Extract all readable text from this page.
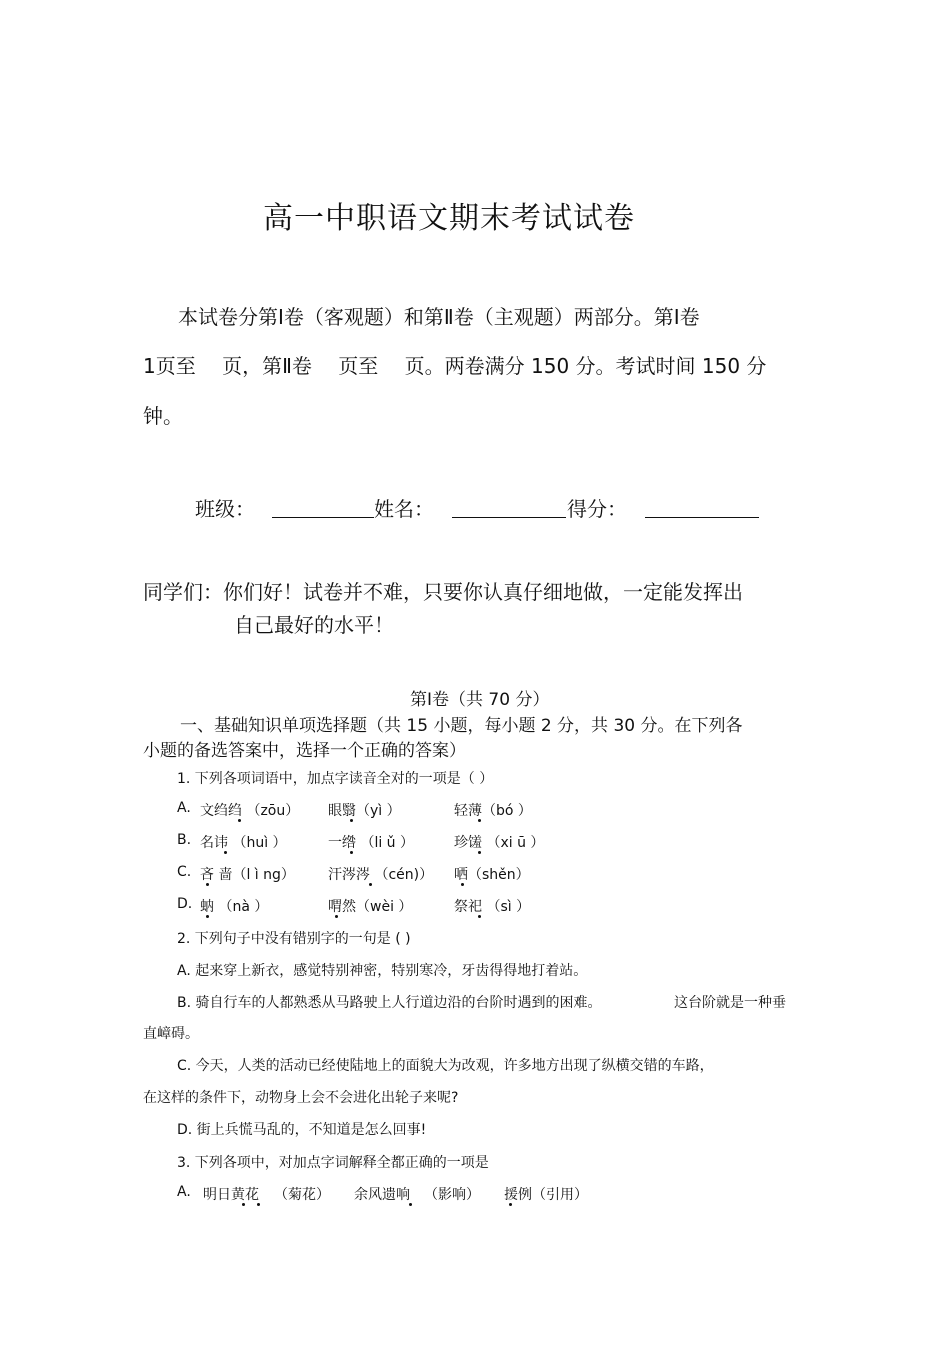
高一中职语文期末考试试卷
本试卷分第Ⅰ卷（客观题）和第Ⅱ卷（主观题）两部分。第Ⅰ卷
1页至　 页，第Ⅱ卷　 页至　 页。两卷满分 150 分。考试时间 150 分
钟。
班级：	姓名：	得分：
同学们：你们好！试卷并不难，只要你认真仔细地做，一定能发挥出
自己最好的水平！
第Ⅰ卷（共 70 分）
一、基础知识单项选择题（共 15 小题，每小题 2 分，共 30 分。在下列各
小题的备选答案中，选择一个正确的答案）
1. 下列各项词语中，加点字读音全对的一项是（ ）
A. 文绉绉 （zōu） 眼翳（yì ）	轻薄（bó ）
B. 名讳 （huì ）	一绺 （li ǔ ）	珍馐 （xi ū ）
C. 吝 啬（l ì ng） 汗涔涔 （cén)） 哂（shěn）
D. 蚋 （nà ）	喟然（wèi ）	祭祀 （sì ）
2. 下列句子中没有错别字的一句是 ( )
A. 起来穿上新衣，感觉特别神密，特别寒冷，牙齿得得地打着站。
B. 骑自行车的人都熟悉从马路驶上人行道边沿的台阶时遇到的困难。	这台阶就是一种垂
直嶂碍。
C. 今天，人类的活动已经使陆地上的面貌大为改观，许多地方出现了纵横交错的车路，
在这样的条件下，动物身上会不会进化出轮子来呢?
D. 街上兵慌马乱的，不知道是怎么回事!
3. 下列各项中，对加点字词解释全都正确的一项是
A. 明日黄花 （菊花） 余风遗响 （影响） 援例（引用）
